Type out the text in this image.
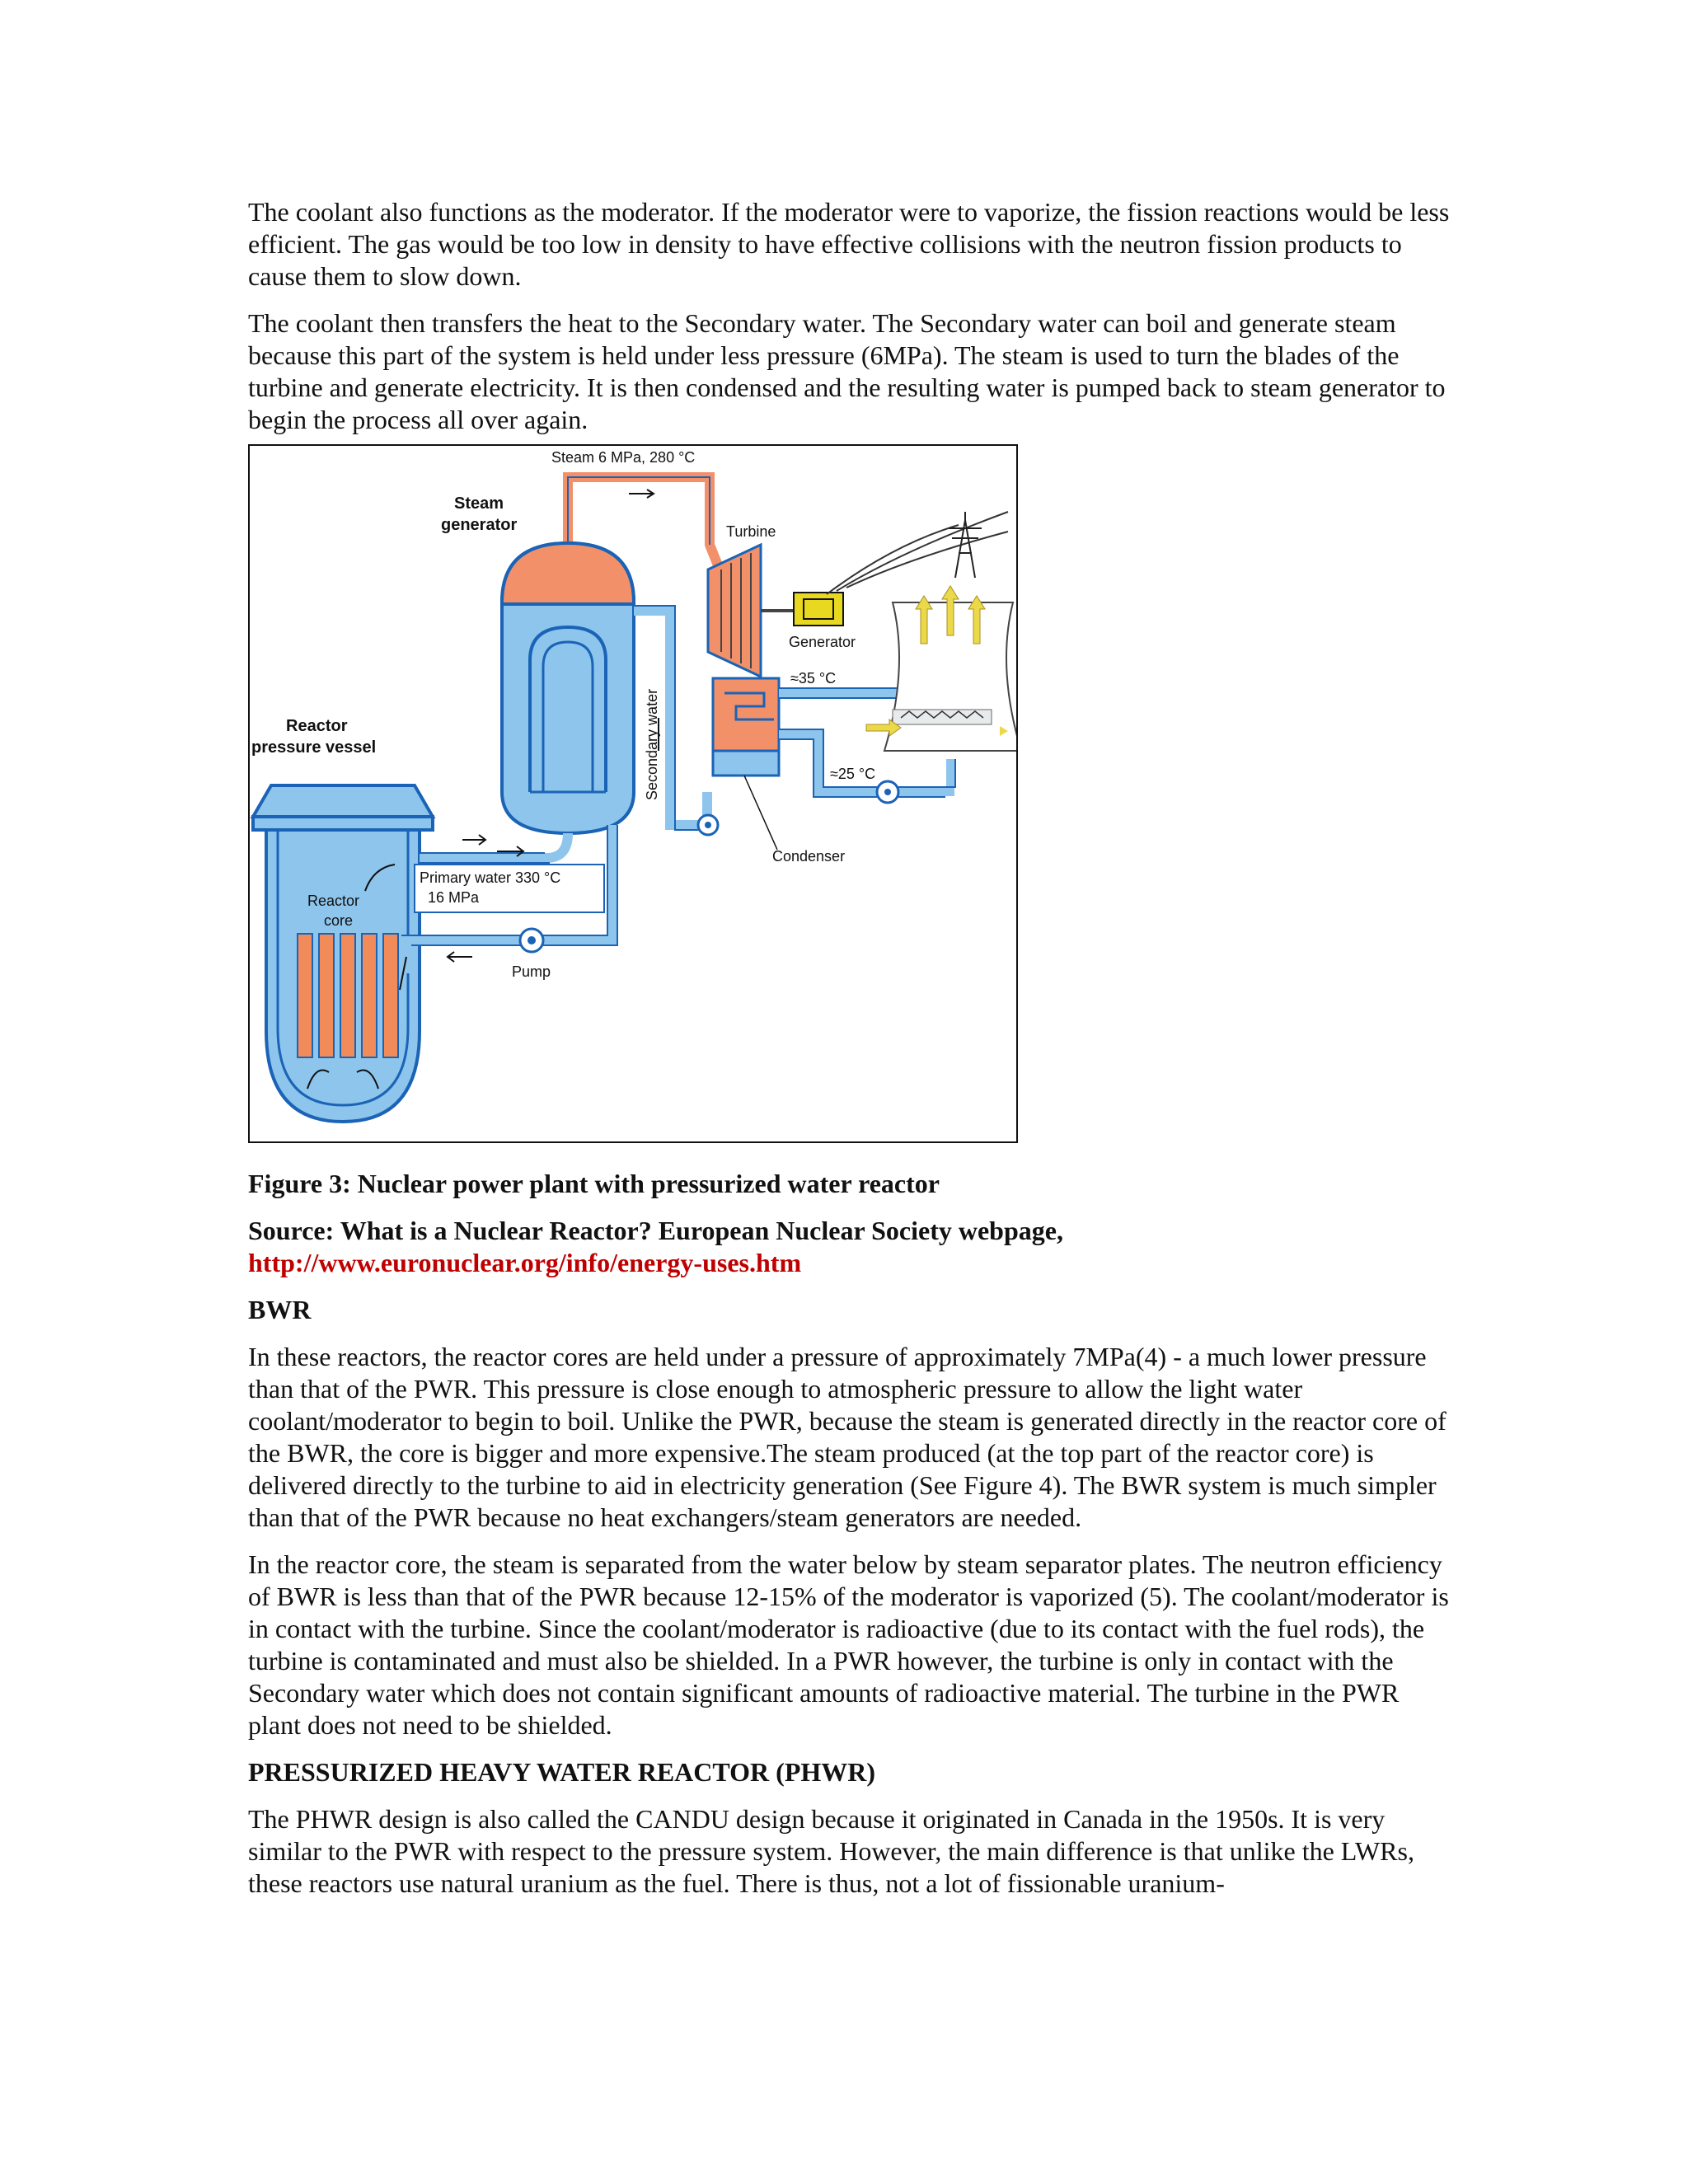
The coolant also functions as the moderator. If the moderator were to vaporize, the fission reactions would be less efficient. The gas would be too low in density to have effective collisions with the neutron fission products to cause them to slow down.

The coolant then transfers the heat to the Secondary water. The Secondary water can boil and generate steam because this part of the system is held under less pressure (6MPa). The steam is used to turn the blades of the turbine and generate electricity. It is then condensed and the resulting water is pumped back to steam generator to begin the process all over again.

Steam 6 MPa, 280 °C
Steam
generator
Secondary water
Turbine
Generator
Condenser
≈35 °C
≈25 °C
Reactor
pressure vessel
Reactor
core
Primary water 330 °C
16 MPa
Pump

Figure 3: Nuclear power plant with pressurized water reactor

Source: What is a Nuclear Reactor? European Nuclear Society webpage,
http://www.euronuclear.org/info/energy-uses.htm

BWR

In these reactors, the reactor cores are held under a pressure of approximately 7MPa(4) - a much lower pressure than that of the PWR. This pressure is close enough to atmospheric pressure to allow the light water coolant/moderator to begin to boil. Unlike the PWR, because the steam is generated directly in the reactor core of the BWR, the core is bigger and more expensive.The steam produced (at the top part of the reactor core) is delivered directly to the turbine to aid in electricity generation (See Figure 4). The BWR system is much simpler than that of the PWR because no heat exchangers/steam generators are needed.

In the reactor core, the steam is separated from the water below by steam separator plates. The neutron efficiency of BWR is less than that of the PWR because 12-15% of the moderator is vaporized (5). The coolant/moderator is in contact with the turbine. Since the coolant/moderator is radioactive (due to its contact with the fuel rods), the turbine is contaminated and must also be shielded. In a PWR however, the turbine is only in contact with the Secondary water which does not contain significant amounts of radioactive material. The turbine in the PWR plant does not need to be shielded.

PRESSURIZED HEAVY WATER REACTOR (PHWR)

The PHWR design is also called the CANDU design because it originated in Canada in the 1950s. It is very similar to the PWR with respect to the pressure system. However, the main difference is that unlike the LWRs, these reactors use natural uranium as the fuel. There is thus, not a lot of fissionable uranium-
